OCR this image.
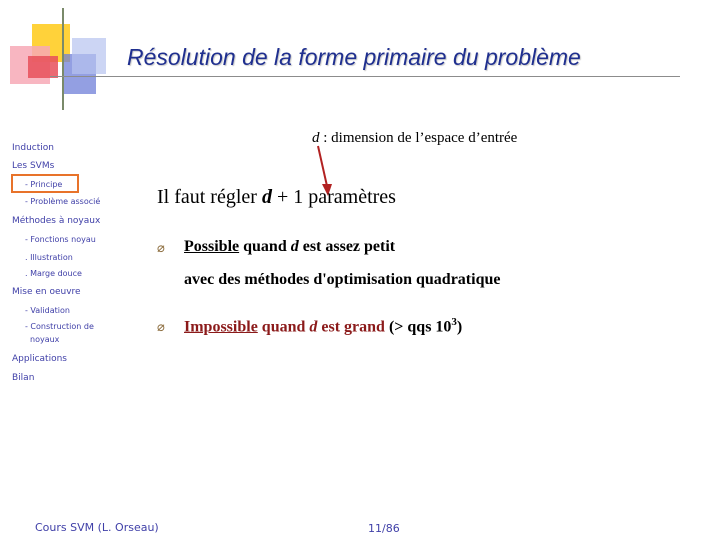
Résolution de la forme primaire du problème
Induction
Les SVMs
- Principe
- Problème associé
Méthodes à noyaux
- Fonctions noyau
. Illustration
. Marge douce
Mise en oeuvre
- Validation
- Construction de
noyaux
Applications
Bilan
d : dimension de l’espace d’entrée
Il faut régler d + 1 paramètres
⌀ Possible quand d est assez petit
avec des méthodes d'optimisation quadratique
⌀ Impossible quand d est grand (> qqs $10^3$)
Cours SVM (L. Orseau)	11/86
